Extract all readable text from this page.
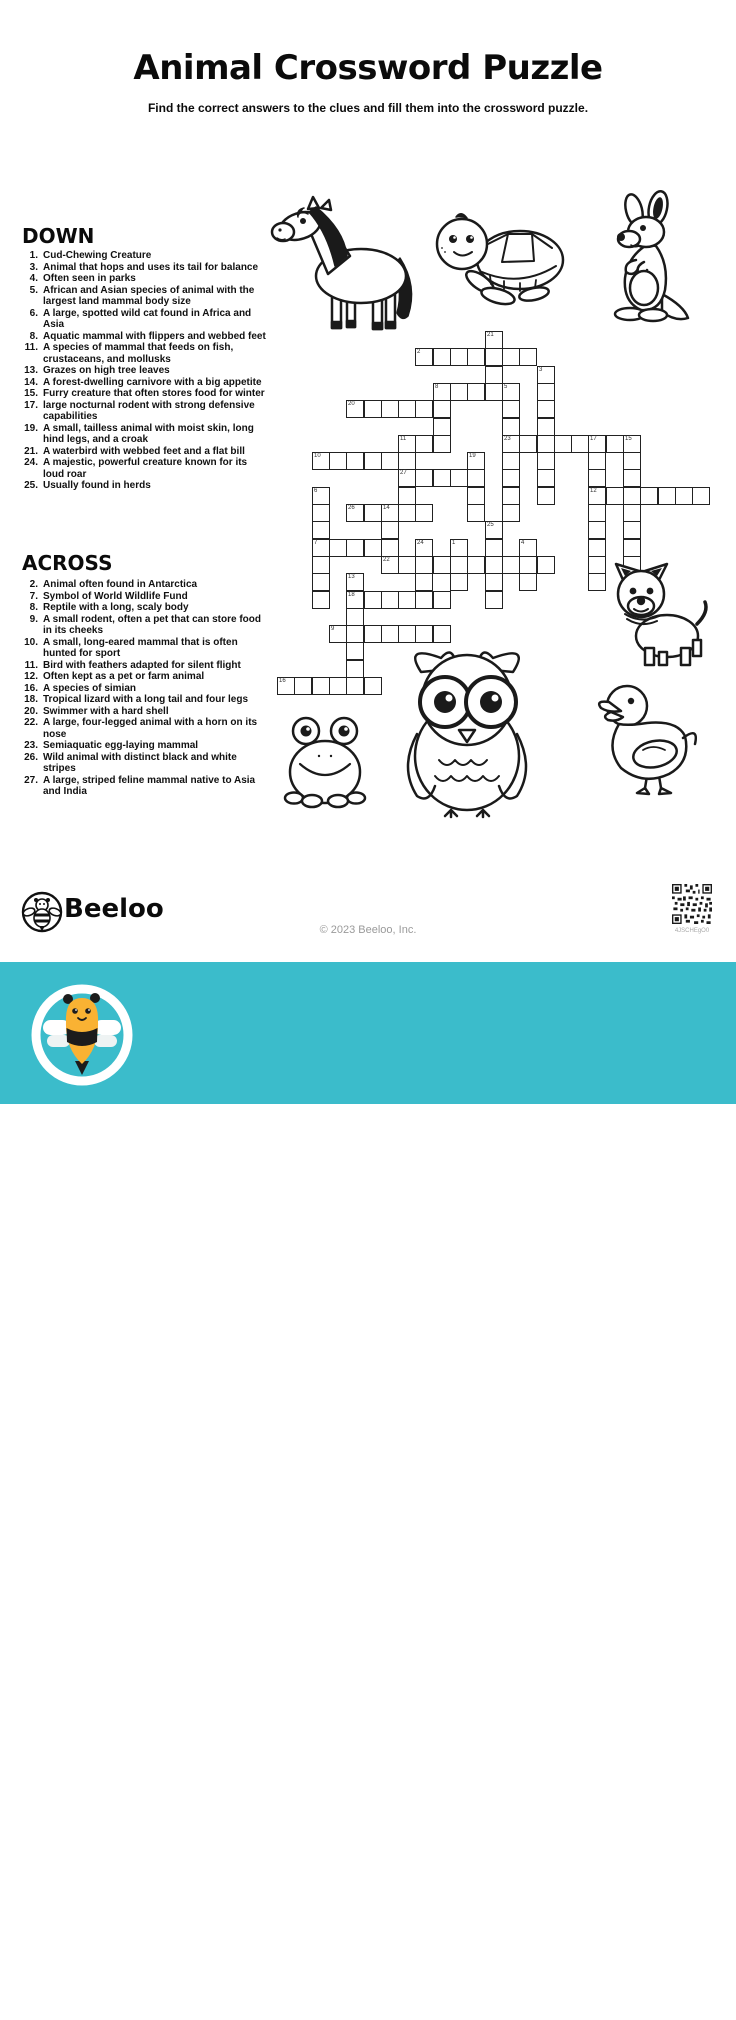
Animal Crossword Puzzle
Find the correct answers to the clues and fill them into the crossword puzzle.
DOWN
1. Cud-Chewing Creature
3. Animal that hops and uses its tail for balance
4. Often seen in parks
5. African and Asian species of animal with the largest land mammal body size
6. A large, spotted wild cat found in Africa and Asia
8. Aquatic mammal with flippers and webbed feet
11. A species of mammal that feeds on fish, crustaceans, and mollusks
13. Grazes on high tree leaves
14. A forest-dwelling carnivore with a big appetite
15. Furry creature that often stores food for winter
17. large nocturnal rodent with strong defensive capabilities
19. A small, tailless animal with moist skin, long hind legs, and a croak
21. A waterbird with webbed feet and a flat bill
24. A majestic, powerful creature known for its loud roar
25. Usually found in herds
ACROSS
2. Animal often found in Antarctica
7. Symbol of World Wildlife Fund
8. Reptile with a long, scaly body
9. A small rodent, often a pet that can store food in its cheeks
10. A small, long-eared mammal that is often hunted for sport
11. Bird with feathers adapted for silent flight
12. Often kept as a pet or farm animal
16. A species of simian
18. Tropical lizard with a long tail and four legs
20. Swimmer with a hard shell
22. A large, four-legged animal with a horn on its nose
23. Semiaquatic egg-laying mammal
26. Wild animal with distinct black and white stripes
27. A large, striped feline mammal native to Asia and India
21
2
3
8	5
23
20
11
27
17	15
12
10	19
6
7
26	14
22
25
24	1	4
13
18
9
16
Beeloo
© 2023 Beeloo, Inc.	4JSCHEgO0
Crossword
